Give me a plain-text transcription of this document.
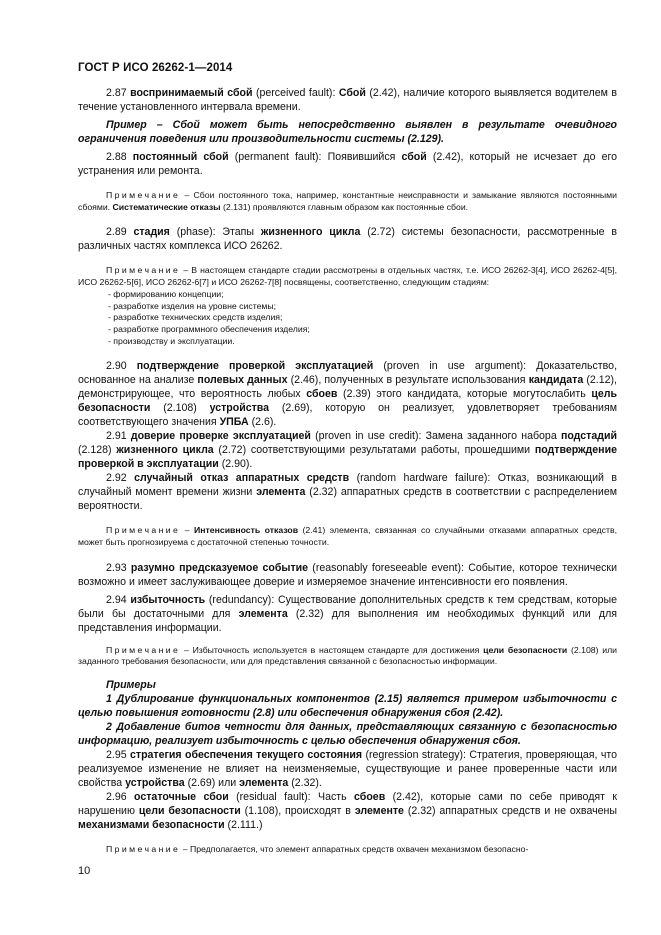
ГОСТ Р ИСО 26262-1—2014

2.87 воспринимаемый сбой (perceived fault): Сбой (2.42), наличие которого выявляется водителем в течение установленного интервала времени.

Пример – Сбой может быть непосредственно выявлен в результате очевидного ограничения поведения или производительности системы (2.129).

2.88 постоянный сбой (permanent fault): Появившийся сбой (2.42), который не исчезает до его устранения или ремонта.

Примечание – Сбои постоянного тока, например, константные неисправности и замыкание являются постоянными сбоями. Систематические отказы (2.131) проявляются главным образом как постоянные сбои.

2.89 стадия (phase): Этапы жизненного цикла (2.72) системы безопасности, рассмотренные в различных частях комплекса ИСО 26262.

Примечание – В настоящем стандарте стадии рассмотрены в отдельных частях, т.е. ИСО 26262-3[4], ИСО 26262-4[5], ИСО 26262-5[6], ИСО 26262-6[7] и ИСО 26262-7[8] посвящены, соответственно, следующим стадиям:

- формированию концепции;
- разработке изделия на уровне системы;
- разработке технических средств изделия;
- разработке программного обеспечения изделия;
- производству и эксплуатации.

2.90 подтверждение проверкой эксплуатацией (proven in use argument): Доказательство, основанное на анализе полевых данных (2.46), полученных в результате использования кандидата (2.12), демонстрирующее, что вероятность любых сбоев (2.39) этого кандидата, которые могутослабить цель безопасности (2.108) устройства (2.69), которую он реализует, удовлетворяет требованиям соответствующего значения УПБА (2.6).

2.91 доверие проверке эксплуатацией (proven in use credit): Замена заданного набора подстадий (2.128) жизненного цикла (2.72) соответствующими результатами работы, прошедшими подтверждение проверкой в эксплуатации (2.90).

2.92 случайный отказ аппаратных средств (random hardware failure): Отказ, возникающий в случайный момент времени жизни элемента (2.32) аппаратных средств в соответствии с распределением вероятности.

Примечание – Интенсивность отказов (2.41) элемента, связанная со случайными отказами аппаратных средств, может быть прогнозируема с достаточной степенью точности.

2.93 разумно предсказуемое событие (reasonably foreseeable event): Событие, которое технически возможно и имеет заслуживающее доверие и измеряемое значение интенсивности его появления.

2.94 избыточность (redundancy): Существование дополнительных средств к тем средствам, которые были бы достаточными для элемента (2.32) для выполнения им необходимых функций или для представления информации.

Примечание – Избыточность используется в настоящем стандарте для достижения цели безопасности (2.108) или заданного требования безопасности, или для представления связанной с безопасностью информации.

Примеры

1 Дублирование функциональных компонентов (2.15) является примером избыточности с целью повышения готовности (2.8) или обеспечения обнаружения сбоя (2.42).

2 Добавление битов четности для данных, представляющих связанную с безопасностью информацию, реализует избыточность с целью обеспечения обнаружения сбоя.

2.95 стратегия обеспечения текущего состояния (regression strategy): Стратегия, проверяющая, что реализуемое изменение не влияет на неизменяемые, существующие и ранее проверенные части или свойства устройства (2.69) или элемента (2.32).

2.96 остаточные сбои (residual fault): Часть сбоев (2.42), которые сами по себе приводят к нарушению цели безопасности (1.108), происходят в элементе (2.32) аппаратных средств и не охвачены механизмами безопасности (2.111.)

Примечание – Предполагается, что элемент аппаратных средств охвачен механизмом безопасно-

10
